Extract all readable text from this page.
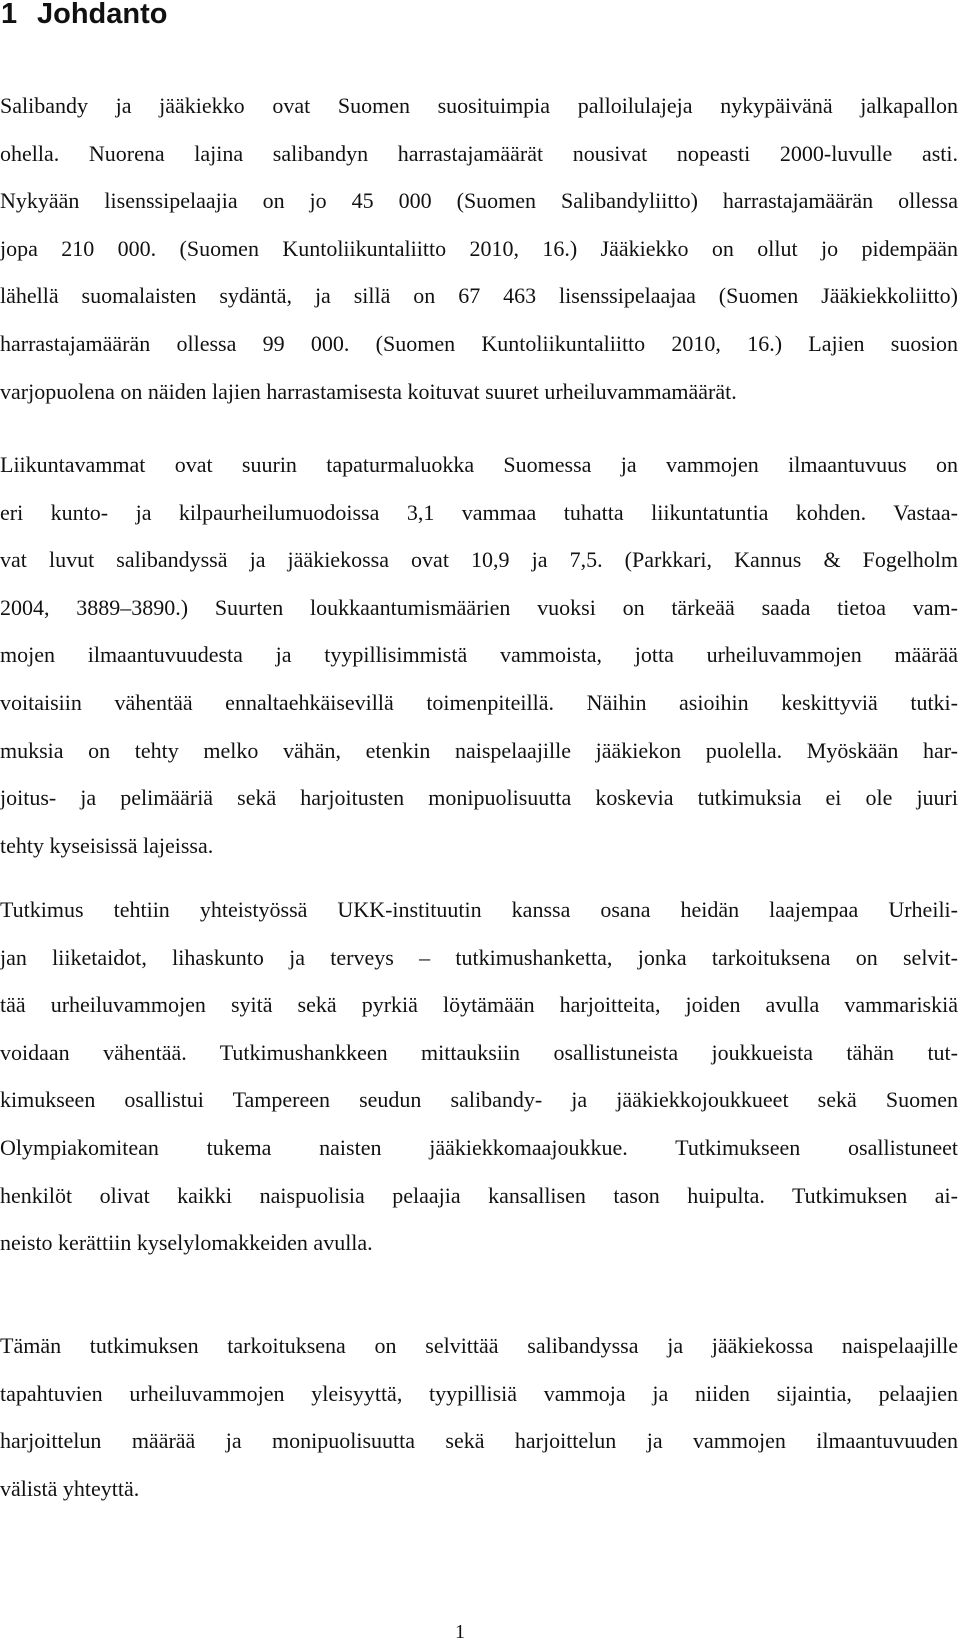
1 Johdanto
Salibandy ja jääkiekko ovat Suomen suosituimpia palloilulajeja nykypäivänä jalkapallon
ohella. Nuorena lajina salibandyn harrastajamäärät nousivat nopeasti 2000-luvulle asti.
Nykyään lisenssipelaajia on jo 45 000 (Suomen Salibandyliitto) harrastajamäärän ollessa
jopa 210 000. (Suomen Kuntoliikuntaliitto 2010, 16.) Jääkiekko on ollut jo pidempään
lähellä suomalaisten sydäntä, ja sillä on 67 463 lisenssipelaajaa (Suomen Jääkiekkoliitto)
harrastajamäärän ollessa 99 000. (Suomen Kuntoliikuntaliitto 2010, 16.) Lajien suosion
varjopuolena on näiden lajien harrastamisesta koituvat suuret urheiluvammamäärät.
Liikuntavammat ovat suurin tapaturmaluokka Suomessa ja vammojen ilmaantuvuus on
eri kunto- ja kilpaurheilumuodoissa 3,1 vammaa tuhatta liikuntatuntia kohden. Vastaa-
vat luvut salibandyssä ja jääkiekossa ovat 10,9 ja 7,5. (Parkkari, Kannus & Fogelholm
2004, 3889–3890.) Suurten loukkaantumismäärien vuoksi on tärkeää saada tietoa vam-
mojen ilmaantuvuudesta ja tyypillisimmistä vammoista, jotta urheiluvammojen määrää
voitaisiin vähentää ennaltaehkäisevillä toimenpiteillä. Näihin asioihin keskittyviä tutki-
muksia on tehty melko vähän, etenkin naispelaajille jääkiekon puolella. Myöskään har-
joitus- ja pelimääriä sekä harjoitusten monipuolisuutta koskevia tutkimuksia ei ole juuri
tehty kyseisissä lajeissa.
Tutkimus tehtiin yhteistyössä UKK-instituutin kanssa osana heidän laajempaa Urheili-
jan liiketaidot, lihaskunto ja terveys – tutkimushanketta, jonka tarkoituksena on selvit-
tää urheiluvammojen syitä sekä pyrkiä löytämään harjoitteita, joiden avulla vammariskiä
voidaan vähentää. Tutkimushankkeen mittauksiin osallistuneista joukkueista tähän tut-
kimukseen osallistui Tampereen seudun salibandy- ja jääkiekkojoukkueet sekä Suomen
Olympiakomitean tukema naisten jääkiekkomaajoukkue. Tutkimukseen osallistuneet
henkilöt olivat kaikki naispuolisia pelaajia kansallisen tason huipulta. Tutkimuksen ai-
neisto kerättiin kyselylomakkeiden avulla.
Tämän tutkimuksen tarkoituksena on selvittää salibandyssa ja jääkiekossa naispelaajille
tapahtuvien urheiluvammojen yleisyyttä, tyypillisiä vammoja ja niiden sijaintia, pelaajien
harjoittelun määrää ja monipuolisuutta sekä harjoittelun ja vammojen ilmaantuvuuden
välistä yhteyttä.
1
